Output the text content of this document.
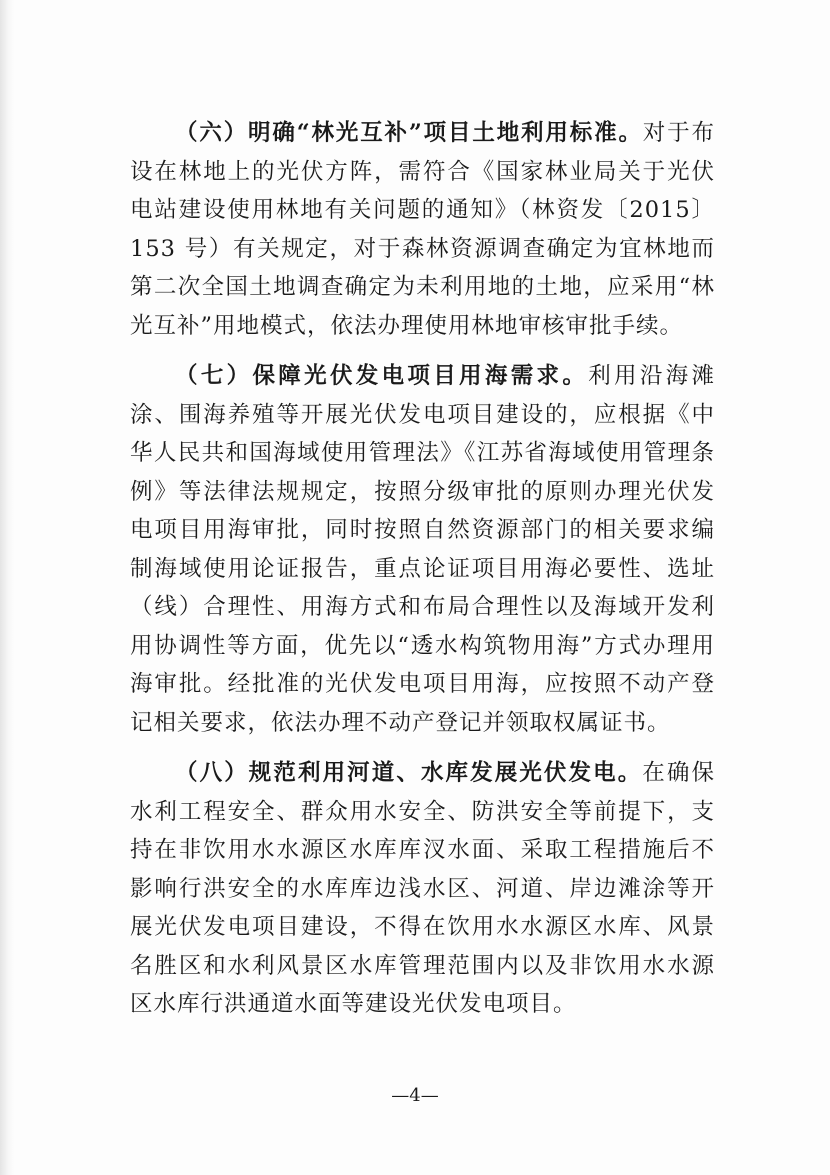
（六）明确“林光互补”项目土地利用标准。对于布设在林地上的光伏方阵，需符合《国家林业局关于光伏电站建设使用林地有关问题的通知》（林资发〔2015〕153 号）有关规定，对于森林资源调查确定为宜林地而第二次全国土地调查确定为未利用地的土地，应采用“林光互补”用地模式，依法办理使用林地审核审批手续。

（七）保障光伏发电项目用海需求。利用沿海滩涂、围海养殖等开展光伏发电项目建设的，应根据《中华人民共和国海域使用管理法》《江苏省海域使用管理条例》等法律法规规定，按照分级审批的原则办理光伏发电项目用海审批，同时按照自然资源部门的相关要求编制海域使用论证报告，重点论证项目用海必要性、选址（线）合理性、用海方式和布局合理性以及海域开发利用协调性等方面，优先以“透水构筑物用海”方式办理用海审批。经批准的光伏发电项目用海，应按照不动产登记相关要求，依法办理不动产登记并领取权属证书。

（八）规范利用河道、水库发展光伏发电。在确保水利工程安全、群众用水安全、防洪安全等前提下，支持在非饮用水水源区水库库汊水面、采取工程措施后不影响行洪安全的水库库边浅水区、河道、岸边滩涂等开展光伏发电项目建设，不得在饮用水水源区水库、风景名胜区和水利风景区水库管理范围内以及非饮用水水源区水库行洪通道水面等建设光伏发电项目。

—4—
